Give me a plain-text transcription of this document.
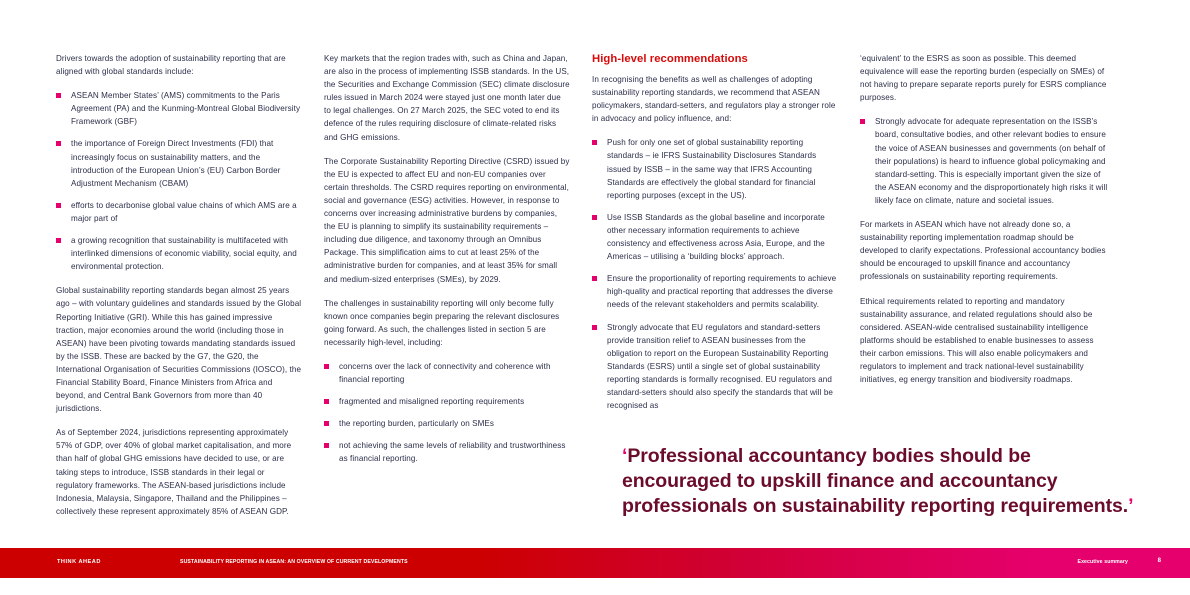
Drivers towards the adoption of sustainability reporting that are aligned with global standards include:

ASEAN Member States’ (AMS) commitments to the Paris Agreement (PA) and the Kunming-Montreal Global Biodiversity Framework (GBF)
the importance of Foreign Direct Investments (FDI) that increasingly focus on sustainability matters, and the introduction of the European Union’s (EU) Carbon Border Adjustment Mechanism (CBAM)
efforts to decarbonise global value chains of which AMS are a major part of
a growing recognition that sustainability is multifaceted with interlinked dimensions of economic viability, social equity, and environmental protection.

Global sustainability reporting standards began almost 25 years ago – with voluntary guidelines and standards issued by the Global Reporting Initiative (GRI). While this has gained impressive traction, major economies around the world (including those in ASEAN) have been pivoting towards mandating standards issued by the ISSB. These are backed by the G7, the G20, the International Organisation of Securities Commissions (IOSCO), the Financial Stability Board, Finance Ministers from Africa and beyond, and Central Bank Governors from more than 40 jurisdictions.

As of September 2024, jurisdictions representing approximately 57% of GDP, over 40% of global market capitalisation, and more than half of global GHG emissions have decided to use, or are taking steps to introduce, ISSB standards in their legal or regulatory frameworks. The ASEAN-based jurisdictions include Indonesia, Malaysia, Singapore, Thailand and the Philippines – collectively these represent approximately 85% of ASEAN GDP.

Key markets that the region trades with, such as China and Japan, are also in the process of implementing ISSB standards. In the US, the Securities and Exchange Commission (SEC) climate disclosure rules issued in March 2024 were stayed just one month later due to legal challenges. On 27 March 2025, the SEC voted to end its defence of the rules requiring disclosure of climate-related risks and GHG emissions.

The Corporate Sustainability Reporting Directive (CSRD) issued by the EU is expected to affect EU and non-EU companies over certain thresholds. The CSRD requires reporting on environmental, social and governance (ESG) activities. However, in response to concerns over increasing administrative burdens by companies, the EU is planning to simplify its sustainability requirements – including due diligence, and taxonomy through an Omnibus Package. This simplification aims to cut at least 25% of the administrative burden for companies, and at least 35% for small and medium-sized enterprises (SMEs), by 2029.

The challenges in sustainability reporting will only become fully known once companies begin preparing the relevant disclosures going forward. As such, the challenges listed in section 5 are necessarily high-level, including:

concerns over the lack of connectivity and coherence with financial reporting
fragmented and misaligned reporting requirements
the reporting burden, particularly on SMEs
not achieving the same levels of reliability and trustworthiness as financial reporting.
High-level recommendations

In recognising the benefits as well as challenges of adopting sustainability reporting standards, we recommend that ASEAN policymakers, standard-setters, and regulators play a stronger role in advocacy and policy influence, and:

Push for only one set of global sustainability reporting standards – ie IFRS Sustainability Disclosures Standards issued by ISSB – in the same way that IFRS Accounting Standards are effectively the global standard for financial reporting purposes (except in the US).
Use ISSB Standards as the global baseline and incorporate other necessary information requirements to achieve consistency and effectiveness across Asia, Europe, and the Americas – utilising a ‘building blocks’ approach.
Ensure the proportionality of reporting requirements to achieve high-quality and practical reporting that addresses the diverse needs of the relevant stakeholders and permits scalability.
Strongly advocate that EU regulators and standard-setters provide transition relief to ASEAN businesses from the obligation to report on the European Sustainability Reporting Standards (ESRS) until a single set of global sustainability reporting standards is formally recognised. EU regulators and standard-setters should also specify the standards that will be recognised as

‘equivalent’ to the ESRS as soon as possible. This deemed equivalence will ease the reporting burden (especially on SMEs) of not having to prepare separate reports purely for ESRS compliance purposes.

Strongly advocate for adequate representation on the ISSB’s board, consultative bodies, and other relevant bodies to ensure the voice of ASEAN businesses and governments (on behalf of their populations) is heard to influence global policymaking and standard-setting. This is especially important given the size of the ASEAN economy and the disproportionately high risks it will likely face on climate, nature and societal issues.

For markets in ASEAN which have not already done so, a sustainability reporting implementation roadmap should be developed to clarify expectations. Professional accountancy bodies should be encouraged to upskill finance and accountancy professionals on sustainability reporting requirements.

Ethical requirements related to reporting and mandatory sustainability assurance, and related regulations should also be considered. ASEAN-wide centralised sustainability intelligence platforms should be established to enable businesses to assess their carbon emissions. This will also enable policymakers and regulators to implement and track national-level sustainability initiatives, eg energy transition and biodiversity roadmaps.

‘Professional accountancy bodies should be encouraged to upskill finance and accountancy professionals on sustainability reporting requirements.’
THINK AHEAD	SUSTAINABILITY REPORTING IN ASEAN: AN OVERVIEW OF CURRENT DEVELOPMENTS	Executive summary	8
